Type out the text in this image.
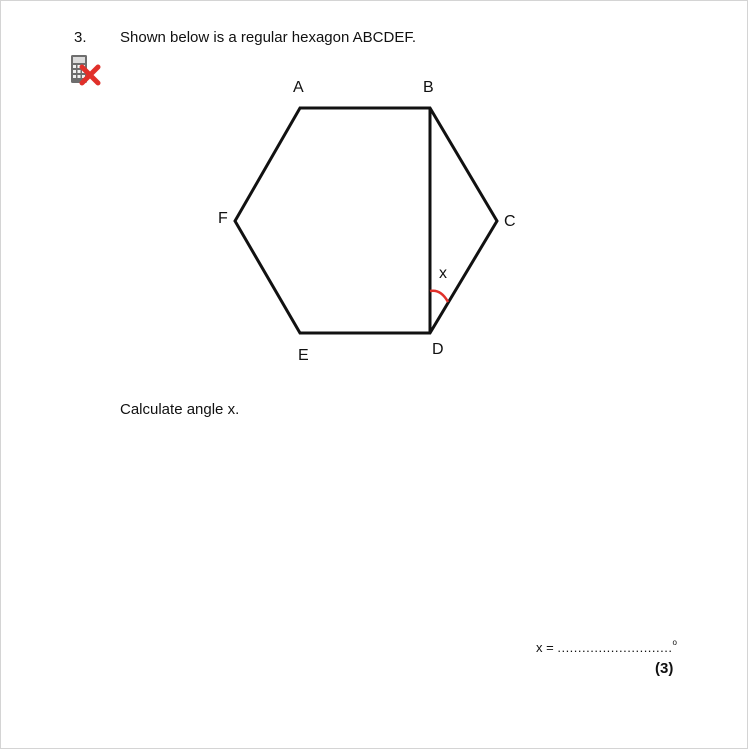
3. Shown below is a regular hexagon ABCDEF.
A	B
C
D
E
F
x
Calculate angle x.
x = ............................$^o$
(3)
